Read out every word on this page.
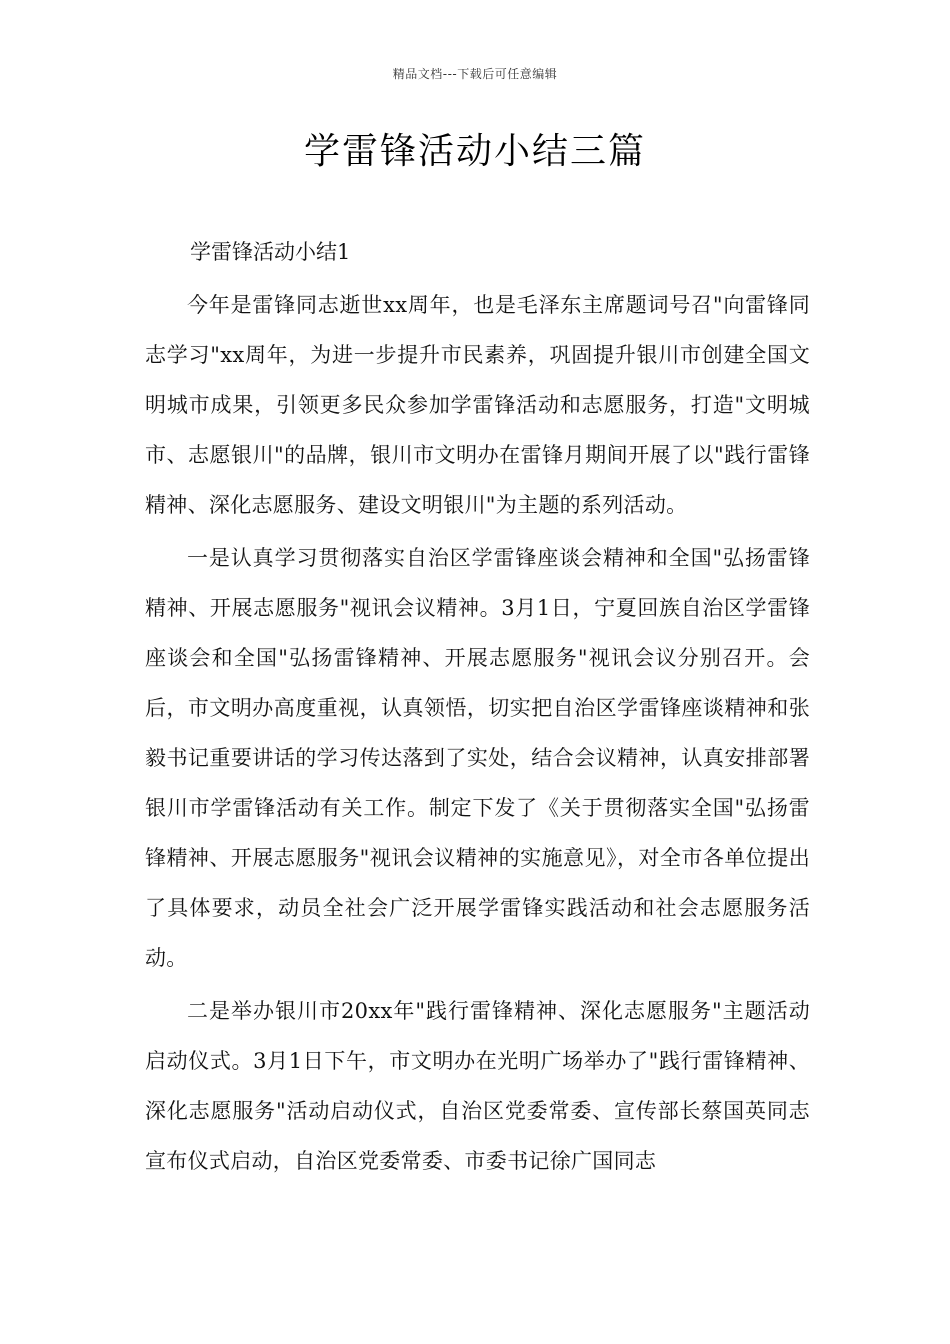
精品文档---下载后可任意编辑
学雷锋活动小结三篇
学雷锋活动小结1

今年是雷锋同志逝世xx周年，也是毛泽东主席题词号召"向雷锋同志学习"xx周年，为进一步提升市民素养，巩固提升银川市创建全国文明城市成果，引领更多民众参加学雷锋活动和志愿服务，打造"文明城市、志愿银川"的品牌，银川市文明办在雷锋月期间开展了以"践行雷锋精神、深化志愿服务、建设文明银川"为主题的系列活动。

一是认真学习贯彻落实自治区学雷锋座谈会精神和全国"弘扬雷锋精神、开展志愿服务"视讯会议精神。3月1日，宁夏回族自治区学雷锋座谈会和全国"弘扬雷锋精神、开展志愿服务"视讯会议分别召开。会后，市文明办高度重视，认真领悟，切实把自治区学雷锋座谈精神和张毅书记重要讲话的学习传达落到了实处，结合会议精神，认真安排部署银川市学雷锋活动有关工作。制定下发了《关于贯彻落实全国"弘扬雷锋精神、开展志愿服务"视讯会议精神的实施意见》，对全市各单位提出了具体要求，动员全社会广泛开展学雷锋实践活动和社会志愿服务活动。

二是举办银川市20xx年"践行雷锋精神、深化志愿服务"主题活动启动仪式。3月1日下午，市文明办在光明广场举办了"践行雷锋精神、深化志愿服务"活动启动仪式，自治区党委常委、宣传部长蔡国英同志宣布仪式启动，自治区党委常委、市委书记徐广国同志
